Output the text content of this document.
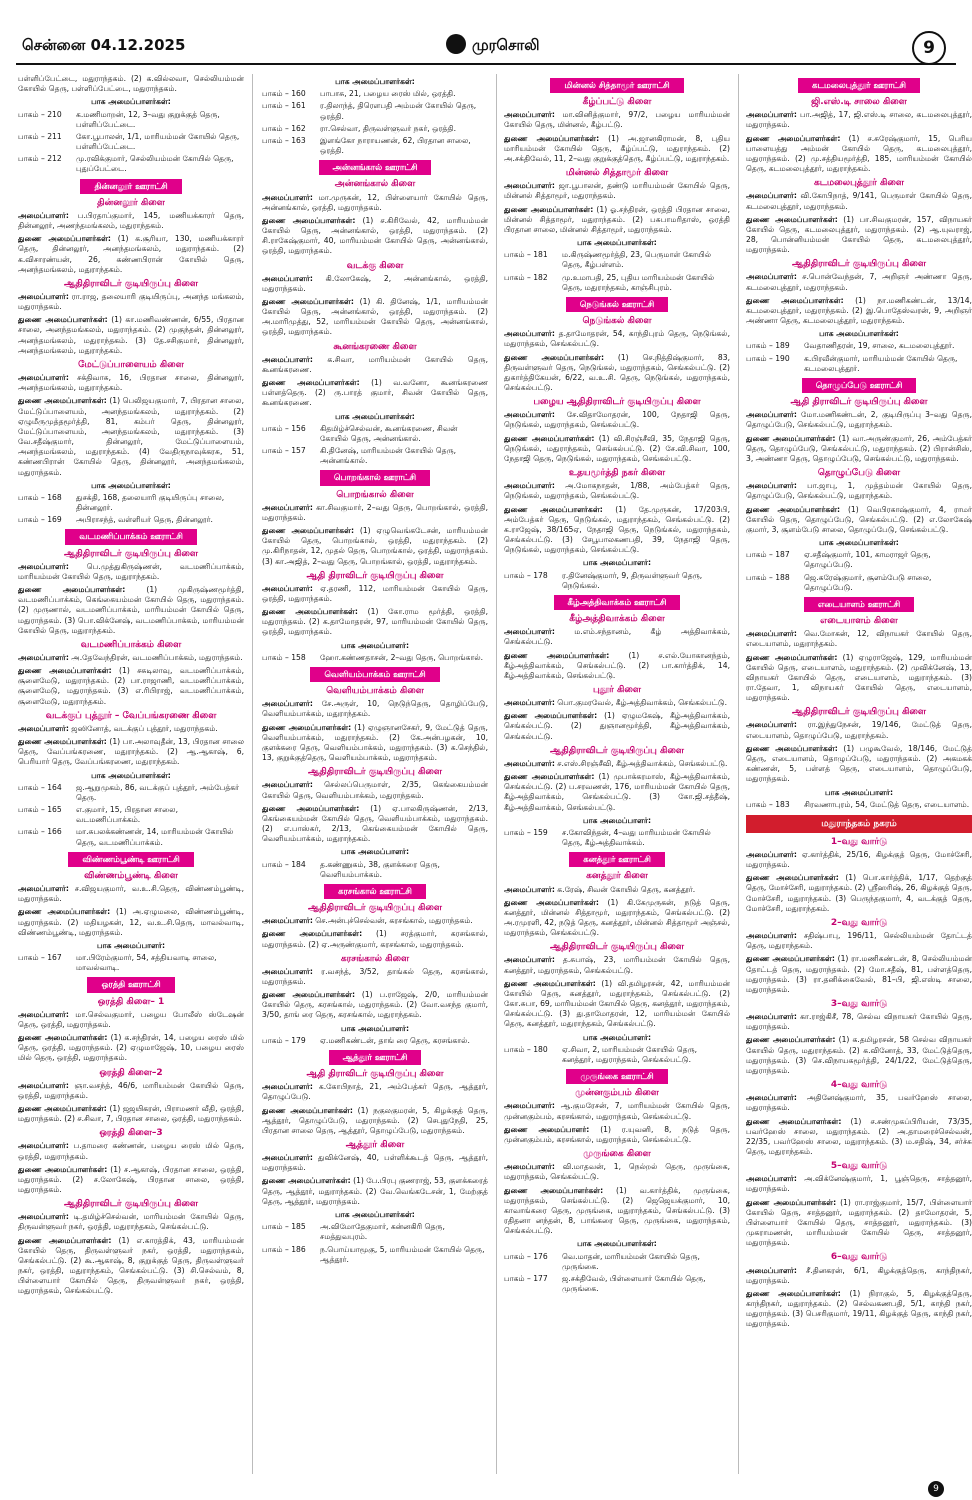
சென்னை 04.12.2025	முரசொலி	9
பள்ளிப்பேட்டை, மதுராந்தகம். (2) க.வில்லவா, செல்லியம்மன் கோயில் தெரு, பள்ளிப்பேட்டை, மதுராந்தகம்.
பாக அமைப்பாளர்கள்:
பாகம் – 210	க.மணிமாறன், 12, 3–வது குறுக்குத் தெரு, பள்ளிப்பேட்டை.
பாகம் – 211	கோ.பூபாலன், 1/1, மாரியம்மன் கோயில் தெரு, பள்ளிப்பேட்டை.
பாகம் – 212	மு.ரவிக்குமார், செல்லியம்மன் கோயில் தெரு, புதுப்பேட்டை.
தின்னலூர் ஊராட்சி
தின்னலூர் கிளை
அமைப்பாளர்: ப.பிரதாப்குமார், 145, மணியக்காரர் தெரு, தின்னலூர், அணந்தமங்கலம், மதுராந்தகம்.
துணை அமைப்பாளர்கள்: (1) க.சூரியா, 130, மணியக்காரர் தெரு, தின்னலூர், அனந்தமங்கலம், மதுராந்தகம். (2) க.விசாரண்யன், 26, கண்ணபிரான் கோயில் தெரு, அனந்தமங்கலம், மதுராந்தகம்.
ஆதிதிராவிடர் குடியிருப்பு கிளை
அமைப்பாளர்: ரா.ராஜ, தலையாரி குடியிருப்பு, அனந்த மங்கலம், மதுராந்தகம்.
துணை அமைப்பாளர்கள்: (1) கா.மணிவண்ணன், 6/55, பிரதான சாலை, அனந்தமங்கலம், மதுராந்தகம். (2) முகுந்தன், தின்னலூர், அனந்தமங்கலம், மதுராந்தகம். (3) தே.சசிகுமார், தின்னலூர், அனந்தமங்கலம், மதுராந்தகம்.
மேட்டுப்பாளையம் கிளை
அமைப்பாளர்: சக்திவாசு, 16, பிரதான சாலை, தின்னலூர், அனந்தமங்கலம், மதுராந்தகம்.
துணை அமைப்பாளர்கள்: (1) பெலிஜயகுமார், 7, பிரதான சாலை, மேட்டுப்பாளையம், அனந்தமங்கலம், மதுராந்தகம். (2) ஏழுமீருமுத்தமூர்த்தி, 81, கம்பர் தெரு, தின்னலூர், மேட்டுப்பாளையம், அனந்தமங்கலம், மதுராந்தகம். (3) வே.சதீஷ்குமார், தின்னலூர், மேட்டுப்பாளையம், அனந்தமங்கலம், மதுராந்தகம். (4) வேதிருநாவுக்கரசு, 51, கண்ணபிரான் கோயில் தெரு, தின்னலூர், அனந்தமங்கலம், மதுராந்தகம்.
பாக அமைப்பாளர்கள்:
பாகம் – 168	துசக்தி, 168, தலையாரி குடியிருப்பு சாலை, தின்னலூர்.
பாகம் – 169	அபிராசந்த், வள்ளியர் தெரு, தின்னலூர்.
வடமணிப்பாக்கம் ஊராட்சி
ஆதிதிராவிடர் குடியிருப்பு கிளை
அமைப்பாளர்: பெ.முத்துகிருஷ்ணன், வடமணிப்பாக்கம், மாரியம்மன் கோயில் தெரு, மதுராந்தகம்.
துணை அமைப்பாளர்கள்:	(1) முகிருஷ்ணமூர்த்தி, வடமணிப்பாக்கம், கெங்கையம்மன் கோயில் தெரு, மதுராந்தகம். (2) முருணால், வடமணிப்பாக்கம், மாரியம்மன் கோயில் தெரு, மதுராந்தகம். (3) பொ.விக்னேஷ், வடமணிப்பாக்கம், மாரியம்மன் கோயில் தெரு, மதுராந்தகம்.
வடமணிப்பாக்கம் கிளை
அமைப்பாளர்: அ.தேவேந்திரன், வடமணிப்பாக்கம், மதுராந்தகம்.
துணை அமைப்பாளர்கள்: (1) சசுடிலாவு, வடமணிப்பாக்கம், சூளைமேடு, மதுராந்தகம். (2) பா.ராஜாணி, வடமணிப்பாக்கம், சூளைமேடு, மதுராந்தகம். (3) எ.ரிபிராஜ், வடமணிப்பாக்கம், சூளைமேடு, மதுராந்தகம்.
வடக்குப் புத்தூர் – வேப்பங்கரணை கிளை
அமைப்பாளர்: ஜஸினோத், வடக்குப் புத்தூர், மதுராந்தகம்.
துணை அமைப்பாளர்கள்: (1) பா.அலாவுதீன், 13, பிரதான சாலை தெரு, வேப்பங்கரணை, மதுராந்தகம். (2) ஆ.ஆகாஷ், 6, பெரியார் தெரு, வேப்பங்கரணை, மதுராந்தகம்.
பாக அமைப்பாளர்கள்:
பாகம் – 164	ஜ.ஆறுமுகம், 86, வடக்குப் புத்தூர், அம்பேத்கர் தெரு.
பாகம் – 165	எ.குமார், 15, பிரதான சாலை, வடமணிப்பாக்கம்.
பாகம் – 166	மா.சுபலக்கண்ணன், 14, மாரியம்மன் கோயில் தெரு, வடமணிப்பாக்கம்.
விண்ணம்பூண்டி ஊராட்சி
விண்ணம்பூண்டி கிளை
அமைப்பாளர்: ச.விஜயகுமார், வ.உ.சி.தெரு, விண்ணம்பூண்டி, மதுராந்தகம்.
துணை அமைப்பாளர்கள்: (1) அ.ஏழுமலை, விண்ணம்பூண்டி, மதுராந்தகம். (2) மதியழகன், 12, வ.உ.சி.தெரு, மாவல்வாடி, விண்ணம்பூண்டி, மதுராந்தகம்.
பாக அமைப்பாளர்:
பாகம் – 167	மா.பிரேம்குமார், 54, சத்தியவாடி சாலை, மாவல்வாடி.
ஒரத்தி ஊராட்சி
ஒரத்தி கிளை– 1
அமைப்பாளர்: மா.செல்வகுமார், பழைய போலீஸ் ஸ்டேஷன் தெரு, ஒரத்தி, மதுராந்தகம்.
துணை அமைப்பாளர்கள்: (1) க.சந்திரன், 14, பழைய ரைஸ் மில் தெரு, ஒரத்தி, மதுராந்தகம். (2) ஏழுமாஜேஷ், 10, பழைய ரைஸ் மில் தெரு, ஒரத்தி, மதுராந்தகம்.
ஒரத்தி கிளை–2
அமைப்பாளர்: ஞா.வசந்த், 46/6, மாரியம்மன் கோயில் தெரு, ஒரத்தி, மதுராந்தகம்.
துணை அமைப்பாளர்கள்: (1) ஜஜயிகரன், பிராமணர் வீதி, ஒரத்தி, மதுராந்தகம். (2) ச.சிவா, 7, பிரதான சாலை, ஒரத்தி, மதுராந்தகம்.
ஒரத்தி கிளை–3
அமைப்பாளர்: ப.தாமரை கண்ணன், பழைய ரைஸ் மில் தெரு, ஒரத்தி, மதுராந்தகம்.
துணை அமைப்பாளர்கள்: (1) ச.ஆகாஷ், பிரதான சாலை, ஒரத்தி, மதுராந்தகம். (2) ச.லோகேஷ், பிரதான சாலை, ஒரத்தி, மதுராந்தகம்.
ஆதிதிராவிடர் குடியிருப்பு கிளை
அமைப்பாளர்: டி.தமிழ்ச்செல்வன், மாரியம்மன் கோயில் தெரு, திருவள்ளுவர் நகர், ஒரத்தி, மதுராந்தகம், செங்கல்பட்டு.
துணை அமைப்பாளர்கள்: (1) எ.காரத்திக், 43, மாரியம்மன் கோயில் தெரு, திருவள்ளுவர் நகர், ஒரத்தி, மதுராந்தகம், செங்கல்பட்டு. (2) கூ.ஆகாஷ், 8, குறுக்குத் தெரு, திருவள்ளுவர் நகர், ஒரத்தி, மதுராந்தகம், செங்கல்பட்டு. (3) சி.செல்வம், 8, பிள்ளையார் கோயில் தெரு, திருவள்ளுவர் நகர், ஒரத்தி, மதுராந்தகம், செங்கல்பட்டு.
பாக அமைப்பாளர்கள்:
பாகம் – 160	பாபாசு, 21, பழைய ரைஸ் மில், ஒரத்தி.
பாகம் – 161	ர.திலாந்த், திரௌபதி அம்மன் கோயில் தெரு, ஒரத்தி.
பாகம் – 162	ரா.செல்வா, திருவள்ளுவர் நகர், ஒரத்தி.
பாகம் – 163	இளங்கோ நாராயணன், 62, பிரதான சாலை, ஒரத்தி.
அன்னங்கால் ஊராட்சி
அன்னங்கால் கிளை
அமைப்பாளர்: மா.முருகன், 12, பிள்ளையார் கோயில் தெரு, அன்னங்கால், ஒரத்தி, மதுராந்தகம்.
துணை அமைப்பாளர்கள்: (1) ச.கிரிவேல், 42, மாரியம்மன் கோயில் தெரு, அன்னங்கால், ஒரத்தி, மதுராந்தகம். (2) சி.ராகேஷ்குமார், 40, மாரியம்மன் கோயில் தெரு, அன்னங்கால், ஒரத்தி, மதுராந்தகம்.
வடக்கு கிளை
அமைப்பாளர்: கி.லோகேஷ், 2, அன்னங்கால், ஒரத்தி, மதுராந்தகம்.
துணை அமைப்பாளர்கள்: (1) கி. தினேஷ், 1/1, மாரியம்மன் கோயில் தெரு, அன்னங்கால், ஒரத்தி, மதுராந்தகம். (2) அ.மாரிமுத்து, 52, மாரியம்மன் கோயில் தெரு, அன்னங்கால், ஒரத்தி, மதுராந்தகம்.
கூனங்கரணை கிளை
அமைப்பாளர்: க.சிவா, மாரியம்மன் கோயில் தெரு, கூனங்கரணை.
துணை அமைப்பாளர்கள்: (1) வ.வனோ, கூனங்கரணை பள்ளத்தெரு. (2) ரு.பாரத் குமார், சிவன் கோயில் தெரு, கூனங்கரணை.
பாக அமைப்பாளர்கள்:
பாகம் – 156	கிதமிழ்ச்செல்வன், கூனங்கரணை, சிவன் கோயில் தெரு, அன்னங்கால்.
பாகம் – 157	கி.தினேஷ், மாரியம்மன் கோயில் தெரு, அன்னங்கால்.
பொறங்கால் ஊராட்சி
பொறங்கால் கிளை
அமைப்பாளர்: கா.சிவகுமார், 2–வது தெரு, பொறங்கால், ஒரத்தி, மதுராந்தகம்.
துணை அமைப்பாளர்கள்: (1) ஏழுவெங்கடேசன், மாரியம்மன் கோயில் தெரு, பொறங்கால், ஒரத்தி, மதுராந்தகம். (2) மு.கிரிநாதன், 12, முதல் தெரு, பொறங்கால், ஒரத்தி, மதுராந்தகம். (3) கா.அஜித், 2–வது தெரு, பொறங்கால், ஒரத்தி, மதுராந்தகம்.
ஆதி திராவிடர் குடியிருப்பு கிளை
அமைப்பாளர்: ஏ.தரணி, 112, மாரியம்மன் கோயில் தெரு, ஒரத்தி, மதுராந்தகம்.
துணை அமைப்பாளர்கள்: (1) கோ.ராம மூர்த்தி, ஒரத்தி, மதுராந்தகம். (2) க.தாமோதரன், 97, மாரியம்மன் கோயில் தெரு, ஒரத்தி, மதுராந்தகம்.
பாக அமைப்பாளர்:
பாகம் – 158	ஹோ.கண்ணதாசன், 2–வது தெரு, பொறங்கால்.
வெளியம்பாக்கம் ஊராட்சி
வெளியம்பாக்கம் கிளை
அமைப்பாளர்: சே.அருள், 10, நெடுந்தெரு, தொழிப்பேடு, வெளியம்பாக்கம், மதுராந்தகம்.
துணை அமைப்பாளர்கள்: (1) ஏழுஞானசேகர், 9, மேட்டுத் தெரு, வெளியம்பாக்கம், மதுராந்தகம். (2) கே.அன்பழகன், 10, குளக்கரை தெரு, வெளியம்பாக்கம், மதுராந்தகம். (3) க.செந்தில், 13, குறுக்குத்தெரு, வெளியம்பாக்கம், மதுராந்தகம்.
ஆதிதிராவிடர் குடியிருப்பு கிளை
அமைப்பாளர்: செல்லப்பெருமாள், 2/35, கெங்கையம்மன் கோயில் தெரு, வெளியம்பாக்கம், மதுராந்தகம்.
துணை அமைப்பாளர்கள்: (1) ஏ.பாலகிருஷ்ணன், 2/13, கெங்கையம்மன் கோயில் தெரு, வெளியம்பாக்கம், மதுராந்தகம். (2) எ.பாஸ்கர், 2/13, கெங்கையம்மன் கோயில் தெரு, வெளியம்பாக்கம், மதுராந்தகம்.
பாக அமைப்பாளர்:
பாகம் – 184	த.கண்ணுகம், 38, குளக்கரை தெரு, வெளியம்பாக்கம்.
கரசங்கால் ஊராட்சி
ஆதிதிராவிடர் குடியிருப்பு கிளை
அமைப்பாளர்: செ.அன்புச்செல்வன், கரசங்கால், மதுராந்தகம்.
துணை அமைப்பாளர்கள்: (1) சரத்குமார், கரசங்கால், மதுராந்தகம். (2) ஏ.அருண்குமார், கரசங்கால், மதுராந்தகம்.
கரசங்கால் கிளை
அமைப்பாளர்: ர.வசந்த், 3/52, தாங்கல் தெரு, கரசங்கால், மதுராந்தகம்.
துணை அமைப்பாளர்கள்: (1) ப.ராஜேஷ், 2/0, மாரியம்மன் கோயில் தெரு, கரசங்கால், மதுராந்தகம். (2) வோ.வசந்த குமார், 3/50, தாங் ரை தெரு, கரசங்கால், மதுராந்தகம்.
பாக அமைப்பாளர்:
பாகம் – 179	ஏ.மணிகண்டன், தாங் ரை தெரு, கரசங்கால்.
ஆத்தூர் ஊராட்சி
ஆதி திராவிடர் குடியிருப்பு கிளை
அமைப்பாளர்: க.கோபிநாத், 21, அம்பேத்கர் தெரு, ஆத்தூர், தொழுப்பேடு.
துணை அமைப்பாளர்கள்: (1) நகுலகுமரன், 5, கிழக்குத் தெரு, ஆத்தூர், தொழுப்பேடு, மதுராந்தகம். (2) செபுதுநேதி, 25, பிரதான சாலை தெரு, ஆத்தூர், தொழுப்பேடு, மதுராந்தகம்.
ஆத்தூர் கிளை
அமைப்பாளர்: துவிக்னேஷ், 40, பள்ளிக்கூடத் தெரு, ஆத்தூர், மதுராந்தகம்.
துணை அமைப்பாளர்கள்: (1) பே.பிரபு குணராஜ், 53, குளக்கரைத் தெரு, ஆத்தூர், மதுராந்தகம். (2) வே.வெங்கடேசன், 1, மேற்குத் தெரு, ஆத்தூர், மதுராந்தகம்.
பாக அமைப்பாளர்கள்:
பாகம் – 185	அ.விமோதேகுமார், கன்னகிரி தெரு, சமத்துவபுரம்.
பாகம் – 186	ந.பொய்யாமூகு, 5, மாரியம்மன் கோயில் தெரு, ஆத்தூர்.
மின்னல் சித்தாமூர் ஊராட்சி
கீழ்ப்பட்டு கிளை
அமைப்பாளர்: மா.வினித்குமார், 97/2, பழைய மாரியம்மன் கோயில் தெரு, மின்னல், கீழ்பட்டு.
துணை அமைப்பாளர்கள்: (1) அ.ஜானகிராமன், 8, புதிய மாரியம்மன் கோயில் தெரு, கீழ்ப்பட்டு, மதுராந்தகம். (2) அ.சக்திவேல், 11, 2–வது குறுக்குத்தெரு, கீழ்ப்பட்டு, மதுராந்தகம்.
மின்னல் சித்தாமூர் கிளை
அமைப்பாளர்: ஜா.பூபாலன், தண்டு மாரியம்மன் கோயில் தெரு, மின்னல் சித்தாமூர், மதுராந்தகம்.
துணை அமைப்பாளர்கள்: (1) ஓ.சந்திரன், ஒரத்தி பிரதான சாலை, மின்னல் சித்தாமூர், மதுராந்தகம். (2) பசுபாமரிதாஸ், ஒரத்தி பிரதான சாலை, மின்னல் சித்தாமூர், மதுராந்தகம்.
பாக அமைப்பாளர்கள்:
பாகம் – 181	ம.கிருஷ்ணமூர்த்தி, 23, பெருமாள் கோயில் தெரு, கீழ்பள்ளம்.
பாகம் – 182	மு.உமாபதி, 25, புதிய மாரியம்மன் கோயில் தெரு, மதுராந்தகம், காஞ்சிபுரம்.
நெடுங்கல் ஊராட்சி
நெடுங்கல் கிளை
அமைப்பாளர்: த.தாமோதரன், 54, காந்திபுரம் தெரு, நெடுங்கல், மதுராந்தகம், செங்கல்பட்டு.
துணை அமைப்பாளர்கள்: (1) செ.நித்திஷ்குமார், 83, திருவள்ளுவர் தெரு, நெடுங்கல், மதுராந்தகம், செங்கல்பட்டு. (2) துகார்த்திகேயன், 6/22, வ.உ.சி. தெரு, நெடுங்கல், மதுராந்தகம், செங்கல்பட்டு.
பழைய ஆதிதிராவிடர் குடியிருப்பு கிளை
அமைப்பாளர்: சே.விதாமோதரன், 100, நேதாஜி தெரு, நெடுங்கல், மதுராந்தகம், செங்கல்பட்டு.
துணை அமைப்பாளர்கள்: (1) வி.சிரஞ்சீவி, 35, நேதாஜி தெரு, நெடுங்கல், மதுராந்தகம், செங்கல்பட்டு. (2) சே.வி.சிவா, 100, நேதாஜி தெரு, நெடுங்கல், மதுராந்தகம், செங்கல்பட்டு.
உதயமூர்த்தி நகர் கிளை
அமைப்பாளர்: அ.மோகநாதன், 1/88, அம்பேத்கர் தெரு, நெடுங்கல், மதுராந்தகம், செங்கல்பட்டு.
துணை அமைப்பாளர்கள்: (1) தே.முருகன், 17/203பி, அம்பேத்கர் தெரு, நெடுங்கல், மதுராந்தகம், செங்கல்பட்டு. (2) க.ராஜேஷ், 38/165ஏ, நேதாஜி தெரு, நெடுங்கல், மதுராந்தகம், செங்கல்பட்டு. (3) சேபூபாலகணபதி, 39, நேதாஜி தெரு, நெடுங்கல், மதுராந்தகம், செங்கல்பட்டு.
பாக அமைப்பாளர்:
பாகம் – 178	ர.தினேஷ்குமார், 9, திருவள்ளுவர் தெரு, நெடுங்கல்.
கீழ்அத்திவாக்கம் ஊராட்சி
கீழ்அத்திவாக்கம் கிளை
அமைப்பாளர்:	ம.எம்.சந்தானம், கீழ் அத்திவாக்கம், செங்கல்பட்டு.
துணை அமைப்பாளர்கள்:	(1) ச.எல்.யோகானந்தம், கீழ்அத்திவாக்கம், செங்கல்பட்டு. (2) பா.கார்த்திக், 14, கீழ்அத்திவாக்கம், செங்கல்பட்டு.
புதூர் கிளை
அமைப்பாளர்: பொ.குமரவேல், கீழ்அத்திவாக்கம், செங்கல்பட்டு.
துணை அமைப்பாளர்கள்: (1) ஏழுமகேஷ், கீழ்அத்திவாக்கம், செங்கல்பட்டு. (2) துஞானமூர்த்தி, கீழ்அத்திவாக்கம், செங்கல்பட்டு.
ஆதிதிராவிடர் குடியிருப்பு கிளை
அமைப்பாளர்: ச.எஸ்.சிரஞ்சீவி, கீழ்அத்திவாக்கம், செங்கல்பட்டு.
துணை அமைப்பாளர்கள்: (1) முபாக்கரமாஸ், கீழ்அத்திவாக்கம், செங்கல்பட்டு. (2) ப.சரவணன், 176, மாரியம்மன் கோயில் தெரு, கீழ்அத்திவாக்கம், செங்கல்பட்டு. (3) கோ.ஜி.சத்தீஷ், கீழ்அத்திவாக்கம், செங்கல்பட்டு.
பாக அமைப்பாளர்:
பாகம் – 159	ச.கோவிந்தன், 4–வது மாரியம்மன் கோயில் தெரு, கீழ்அத்திவாக்கம்.
கனத்தூர் ஊராட்சி
கனத்தூர் கிளை
அமைப்பாளர்: க.ரேஷ், சிவன் கோயில் தெரு, கனத்தூர்.
துணை அமைப்பாளர்கள்: (1) கி.கேமுருகன், நடுத் தெரு, கனத்தூர், மின்னல் சித்தாமூர், மதுராந்தகம், செங்கல்பட்டு. (2) அ.ரமுரளி, 42, நடுத் தெரு, கனத்தூர், மின்னல் சித்தாமூர் அஞ்சல், மதுராந்தகம், செங்கல்பட்டு.
ஆதிதிராவிடர் குடியிருப்பு கிளை
அமைப்பாளர்: த.சுபாஷ், 23, மாரியம்மன் கோயில் தெரு, கனத்தூர், மதுராந்தகம், செங்கல்பட்டு.
துணை அமைப்பாளர்கள்: (1) வி.தமிழரசன், 42, மாரியம்மன் கோயில் தெரு, கனத்தூர், மதுராந்தகம், செங்கல்பட்டு. (2) கோ.சுபா, 69, மாரியம்மன் கோயில் தெரு, கனத்தூர், மதுராந்தகம், செங்கல்பட்டு. (3) து.தாமோதரன், 12, மாரியம்மன் கோயில் தெரு, கனத்தூர், மதுராந்தகம், செங்கல்பட்டு.
பாக அமைப்பாளர்:
பாகம் – 180	ஏ.சிவா, 2, மாரியம்மன் கோயில் தெரு, கனத்தூர், மதுராந்தகம், செங்கல்பட்டு.
முருங்கை ஊராட்சி
முன்னகும்பம் கிளை
அமைப்பாளர்: ஆ.குமரேசன், 7, மாரியம்மன் கோயில் தெரு, முன்னகும்பம், கரசங்கால், மதுராந்தகம், செங்கல்பட்டு.
துணை அமைப்பாளர்: (1) ர.யுவனி, 8, நடுத் தெரு, முன்னகும்பம், கரசங்கால், மதுராந்தகம், செங்கல்பட்டு.
முருங்கை கிளை
அமைப்பாளர்: வி.மாதவன், 1, நெல்றல் தெரு, முருங்கை, மதுராந்தகம், செங்கல்பட்டு.
துணை அமைப்பாளர்கள்: (1) வ.கார்த்திக், முருங்கை, மதுராந்தகம், செங்கல்பட்டு. (2) ஜெஜெயக்குமார், 10, காவாங்கரை தெரு, முருங்கை, மதுராந்தகம், செங்கல்பட்டு. (3) ரதிதனா னந்தன், 8, பாங்கரை தெரு, முருங்கை, மதுராந்தகம், செங்கல்பட்டு.
பாக அமைப்பாளர்கள்:
பாகம் – 176	வெ.மாதன், மாரியம்மன் கோயில் தெரு, முருங்கை.
பாகம் – 177	ஜ.சக்திவேல், பிள்ளையார் கோயில் தெரு, முருங்கை.
கடமலைபுத்தூர் ஊராட்சி
ஜி.எஸ்.டி சாலை கிளை
அமைப்பாளர்: பா.அஜித், 17, ஜி.எஸ்.டி சாலை, கடமலைபுத்தூர், மதுராந்தகம்.
துணை அமைப்பாளர்கள்: (1) ச.சுரேஷ்குமார், 15, பெரிய பாளையத்து அம்மன் கோயில் தெரு, கடமலைபுத்தூர், மதுராந்தகம். (2) மு.சத்தியமூர்த்தி, 185, மாரியம்மன் கோயில் தெரு, கடமலைபுத்தூர், மதுராந்தகம்.
கடமலைபுத்தூர் கிளை
அமைப்பாளர்: வி.கோபிநாத், 9/141, பெருமாள் கோயில் தெரு, கடமலைபுத்தூர், மதுராந்தகம்.
துணை அமைப்பாளர்கள்: (1) பா.சிவகுமரன், 157, விநாயகர் கோயில் தெரு, கடமலைபுத்தூர், மதுராந்தகம். (2) ஆ.யுவராஜ், 28, பொன்னியம்மன் கோயில் தெரு, கடமலைபுத்தூர், மதுராந்தகம்.
ஆதிதிராவிடர் குடியிருப்பு கிளை
அமைப்பாளர்: ச.பொன்வேந்தன், 7, அறிஞர் அண்ணா தெரு, கடமலைபுத்தூர், மதுராந்தகம்.
துணை அமைப்பாளர்கள்: (1) நா.மணிகண்டன், 13/14, கடமலைபுத்தூர், மதுராந்தகம். (2) இ.பொதேஸ்வரன், 9, அறிஞர் அண்ணா தெரு, கடமலைபுத்தூர், மதுராந்தகம்.
பாக அமைப்பாளர்கள்:
பாகம் – 189	வேதாணிதரன், 19, சாலை, கடமலைபுத்தூர்.
பாகம் – 190	க.பிரவீன்குமார், மாரியம்மன் கோயில் தெரு, கடமலைபுத்தூர்.
தொழுப்பேடு ஊராட்சி
ஆதி திராவிடர் குடியிருப்பு கிளை
அமைப்பாளர்: மோ.மணிகண்டன், 2, குடியிருப்பு 3–வது தெரு, தொழுப்பேடு, செங்கல்பட்டு, மதுராந்தகம்.
துணை அமைப்பாளர்கள்: (1) வா.அருண்குமார், 26, அம்பேத்கர் தெரு, தொழுப்பேடு, செங்கல்பட்டு, மதுராந்தகம். (2) பிரான்சிஸ், 3, அண்ணா தெரு, தொழுப்பேடு, செங்கல்பட்டு, மதுராந்தகம்.
தொழுப்பேடு கிளை
அமைப்பாளர்: பா.ஜாபு, 1, முத்தம்மன் கோயில் தெரு, தொழுப்பேடு, செங்கல்பட்டு, மதுராந்தகம்.
துணை அமைப்பாளர்கள்: (1) வெபிரகாஷ்குமார், 4, ராமர் கோயில் தெரு, தொழுப்பேடு, செங்கல்பட்டு. (2) எ.லோகேஷ் குமார், 3, சூளம்பேடு சாலை, தொழுப்பேடு, செங்கல்பட்டு.
பாக அமைப்பாளர்கள்:
பாகம் – 187	ஏ.சதீஷ்குமார், 101, காமராஜர் தெரு, தொழுப்பேடு.
பாகம் – 188	ஜெ.கரேஷ்குமார், சூளம்பேடு சாலை, தொழுப்பேடு.
எடையாளம் ஊராட்சி
எடையாளம் கிளை
அமைப்பாளர்: வெ.மோகன், 12, விநாயகர் கோயில் தெரு, எடையாளம், மதுராந்தகம்.
துணை அமைப்பாளர்கள்: (1) ஏழுராஜேஷ், 129, மாரியம்மன் கோயில் தெரு, எடையாளம், மதுராந்தகம். (2) முவிக்னேஷ், 13, விநாயகர் கோயில் தெரு, எடையாளம், மதுராந்தகம். (3) ரா.தேவா, 1, விநாயகர் கோயில் தெரு, எடையாளம், மதுராந்தகம்.
ஆதிதிராவிடர் குடியிருப்பு கிளை
அமைப்பாளர்: ரா.இந்துநேசன், 19/146, மேட்டுத் தெரு, எடையாளம், தொழுப்பேடு, மதுராந்தகம்.
துணை அமைப்பாளர்கள்: (1) பழுகூவேல், 18/146, மேட்டுத் தெரு, எடையாளம், தொழுப்பேடு, மதுராந்தகம். (2) அகமகக் கண்ணன், 5, பள்ளத் தெரு, எடையாளம், தொழுப்பேடு, மதுராந்தகம்.
பாக அமைப்பாளர்:
பாகம் – 183	சிரவணாபுரம், 54, மேட்டுத் தெரு, எடையாளம்.
மதுராந்தகம் நகரம்
1–வது வார்டு
அமைப்பாளர்: ஏ.கார்த்திக், 25/16, கிழக்குத் தெரு, மோச்சேரி, மதுராந்தகம்.
துணை அமைப்பாளர்கள்: (1) பொ.கார்த்திக், 1/17, தெற்குத் தெரு, மோச்சேரி, மதுராந்தகம். (2) ஸ்ரீஹரிஷ், 26, கிழக்குத் தெரு, மோச்சேரி, மதுராந்தகம். (3) பெருந்தகுமார், 4, வடக்குத் தெரு, மோச்சேரி, மதுராந்தகம்.
2–வது வார்டு
அமைப்பாளர்: சதிஷ்பாபு, 196/11, செல்லியம்மன் தோட்டத் தெரு, மதுராந்தகம்.
துணை அமைப்பாளர்கள்: (1) ரா.மணிகண்டன், 8, செல்லியம்மன் தோட்டத் தெரு, மதுராந்தகம். (2) மோ.சதீஷ், 81, பள்ளத்தெரு, மதுராந்தகம். (3) ரா.தனிக்கைவேல், 81–பி, ஜி.எஸ்டி சாலை, மதுராந்தகம்.
3–வது வார்டு
அமைப்பாளர்: கா.ராஜ்கிசீ, 78, செல்வ விநாயகர் கோயில் தெரு, மதுராந்தகம்.
துணை அமைப்பாளர்கள்: (1) க.தமிழரசன், 58 செல்வ விநாயகர் கோயில் தெரு, மதுராந்தகம். (2) க.வினோத், 33, மேட்டுத்தெரு, மதுராந்தகம். (3) செ.விநாயகமூர்த்தி, 24/1/22, மேட்டுத்தெரு, மதுராந்தகம்.
4–வது வார்டு
அமைப்பாளர்: அதினேஷ்குமார், 35, பவர்ஹேஸ் சாலை, மதுராந்தகம்.
துணை அமைப்பாளர்கள்: (1) ச.சண்முகப்பிரியன், 73/35, பவர்ஹேஸ் சாலை, மதுராந்தகம். (2) அ.தாமரைச்செல்வன், 22/35, பவர்ஹேஸ் சாலை, மதுராந்தகம். (3) ம.சதிஷ், 34, சர்ச்சு தெரு, மதுராந்தகம்.
5–வது வார்டு
அமைப்பாளர்: அ.விக்னேஷ்குமார், 1, பூஞ்தெரு, சாத்தனூர், மதுராந்தகம்.
துணை அமைப்பாளர்கள்: (1) ரா.ராஜ்குமார், 15/7, பிள்ளையார் கோயில் தெரு, சாத்தனூர், மதுராந்தகம். (2) தாமோதரன், 5, பிள்ளையார் கோயில் தெரு, சாத்தனூர், மதுராந்தகம். (3) முகராமணன், மாரியம்மன் கோயில் தெரு, சாத்தனூர், மதுராந்தகம்.
6–வது வார்டு
அமைப்பாளர்: சீ.தினகரன், 6/1, கிழக்குத்தெரு, காந்திநகர், மதுராந்தகம்.
துணை அமைப்பாளர்கள்: (1) நிராகுல், 5, கிழக்குத்தெரு, காந்திநகர், மதுராந்தகம். (2) செல்வகணபதி, 5/1, காந்தி நகர், மதுராந்தகம். (3) பெசரிகுமார், 19/11, கிழக்குத் தெரு, காந்தி நகர், மதுராந்தகம்.
9
